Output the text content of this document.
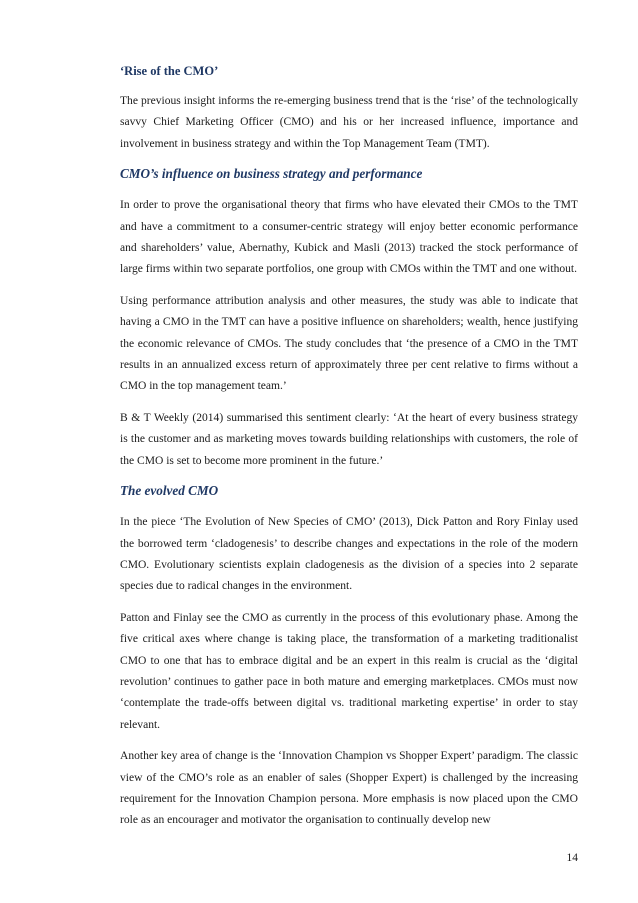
‘Rise of the CMO’

The previous insight informs the re-emerging business trend that is the ‘rise’ of the technologically savvy Chief Marketing Officer (CMO) and his or her increased influence, importance and involvement in business strategy and within the Top Management Team (TMT).

CMO’s influence on business strategy and performance

In order to prove the organisational theory that firms who have elevated their CMOs to the TMT and have a commitment to a consumer-centric strategy will enjoy better economic performance and shareholders’ value, Abernathy, Kubick and Masli (2013) tracked the stock performance of large firms within two separate portfolios, one group with CMOs within the TMT and one without.

Using performance attribution analysis and other measures, the study was able to indicate that having a CMO in the TMT can have a positive influence on shareholders; wealth, hence justifying the economic relevance of CMOs. The study concludes that ‘the presence of a CMO in the TMT results in an annualized excess return of approximately three per cent relative to firms without a CMO in the top management team.’

B & T Weekly (2014) summarised this sentiment clearly: ‘At the heart of every business strategy is the customer and as marketing moves towards building relationships with customers, the role of the CMO is set to become more prominent in the future.’

The evolved CMO

In the piece ‘The Evolution of New Species of CMO’ (2013), Dick Patton and Rory Finlay used the borrowed term ‘cladogenesis’ to describe changes and expectations in the role of the modern CMO. Evolutionary scientists explain cladogenesis as the division of a species into 2 separate species due to radical changes in the environment.

Patton and Finlay see the CMO as currently in the process of this evolutionary phase. Among the five critical axes where change is taking place, the transformation of a marketing traditionalist CMO to one that has to embrace digital and be an expert in this realm is crucial as the ‘digital revolution’ continues to gather pace in both mature and emerging marketplaces. CMOs must now ‘contemplate the trade-offs between digital vs. traditional marketing expertise’ in order to stay relevant.

Another key area of change is the ‘Innovation Champion vs Shopper Expert’ paradigm. The classic view of the CMO’s role as an enabler of sales (Shopper Expert) is challenged by the increasing requirement for the Innovation Champion persona. More emphasis is now placed upon the CMO role as an encourager and motivator the organisation to continually develop new

14
